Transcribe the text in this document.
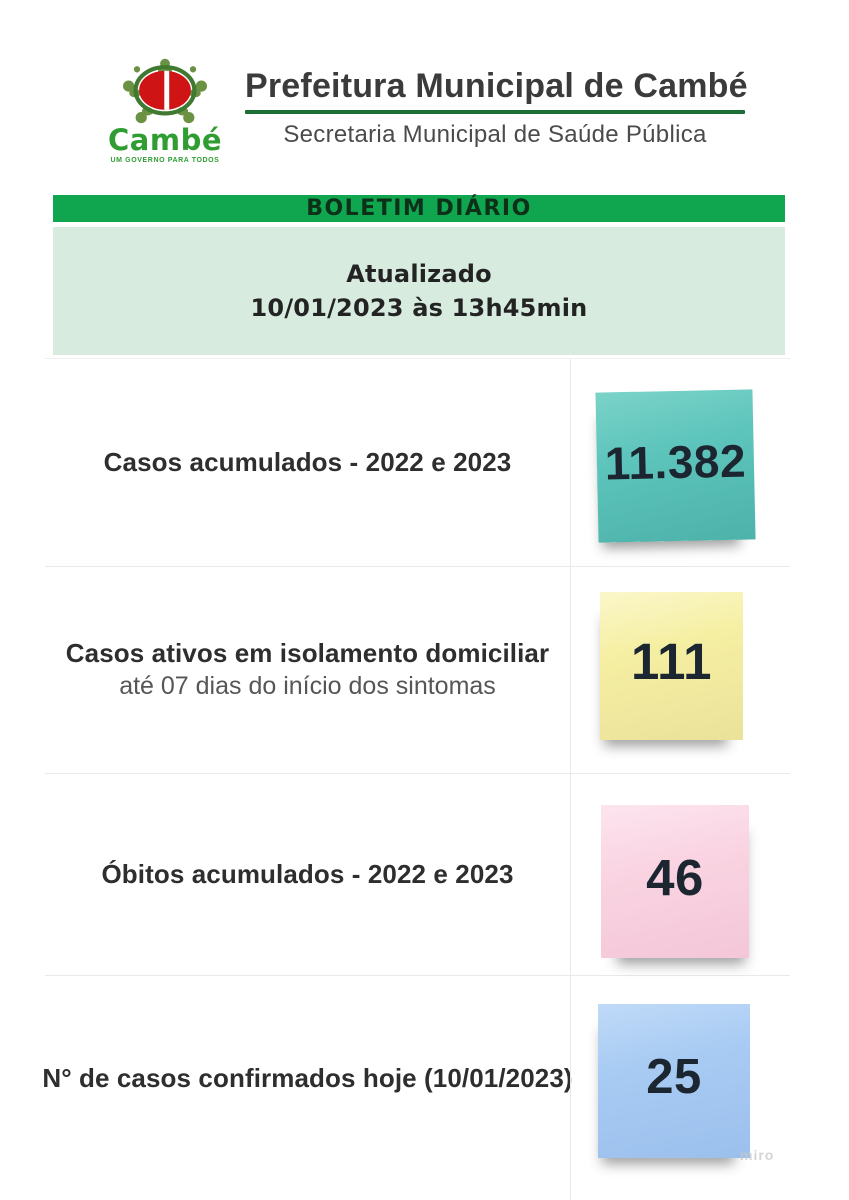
Cambé
UM GOVERNO PARA TODOS
Prefeitura Municipal de Cambé
Secretaria Municipal de Saúde Pública
BOLETIM DIÁRIO
Atualizado
10/01/2023 às 13h45min
Casos acumulados - 2022 e 2023 11.382
Casos ativos em isolamento domiciliar
até 07 dias do início dos sintomas	111
Óbitos acumulados - 2022 e 2023	46
N° de casos confirmados hoje (10/01/2023) 25
miro
